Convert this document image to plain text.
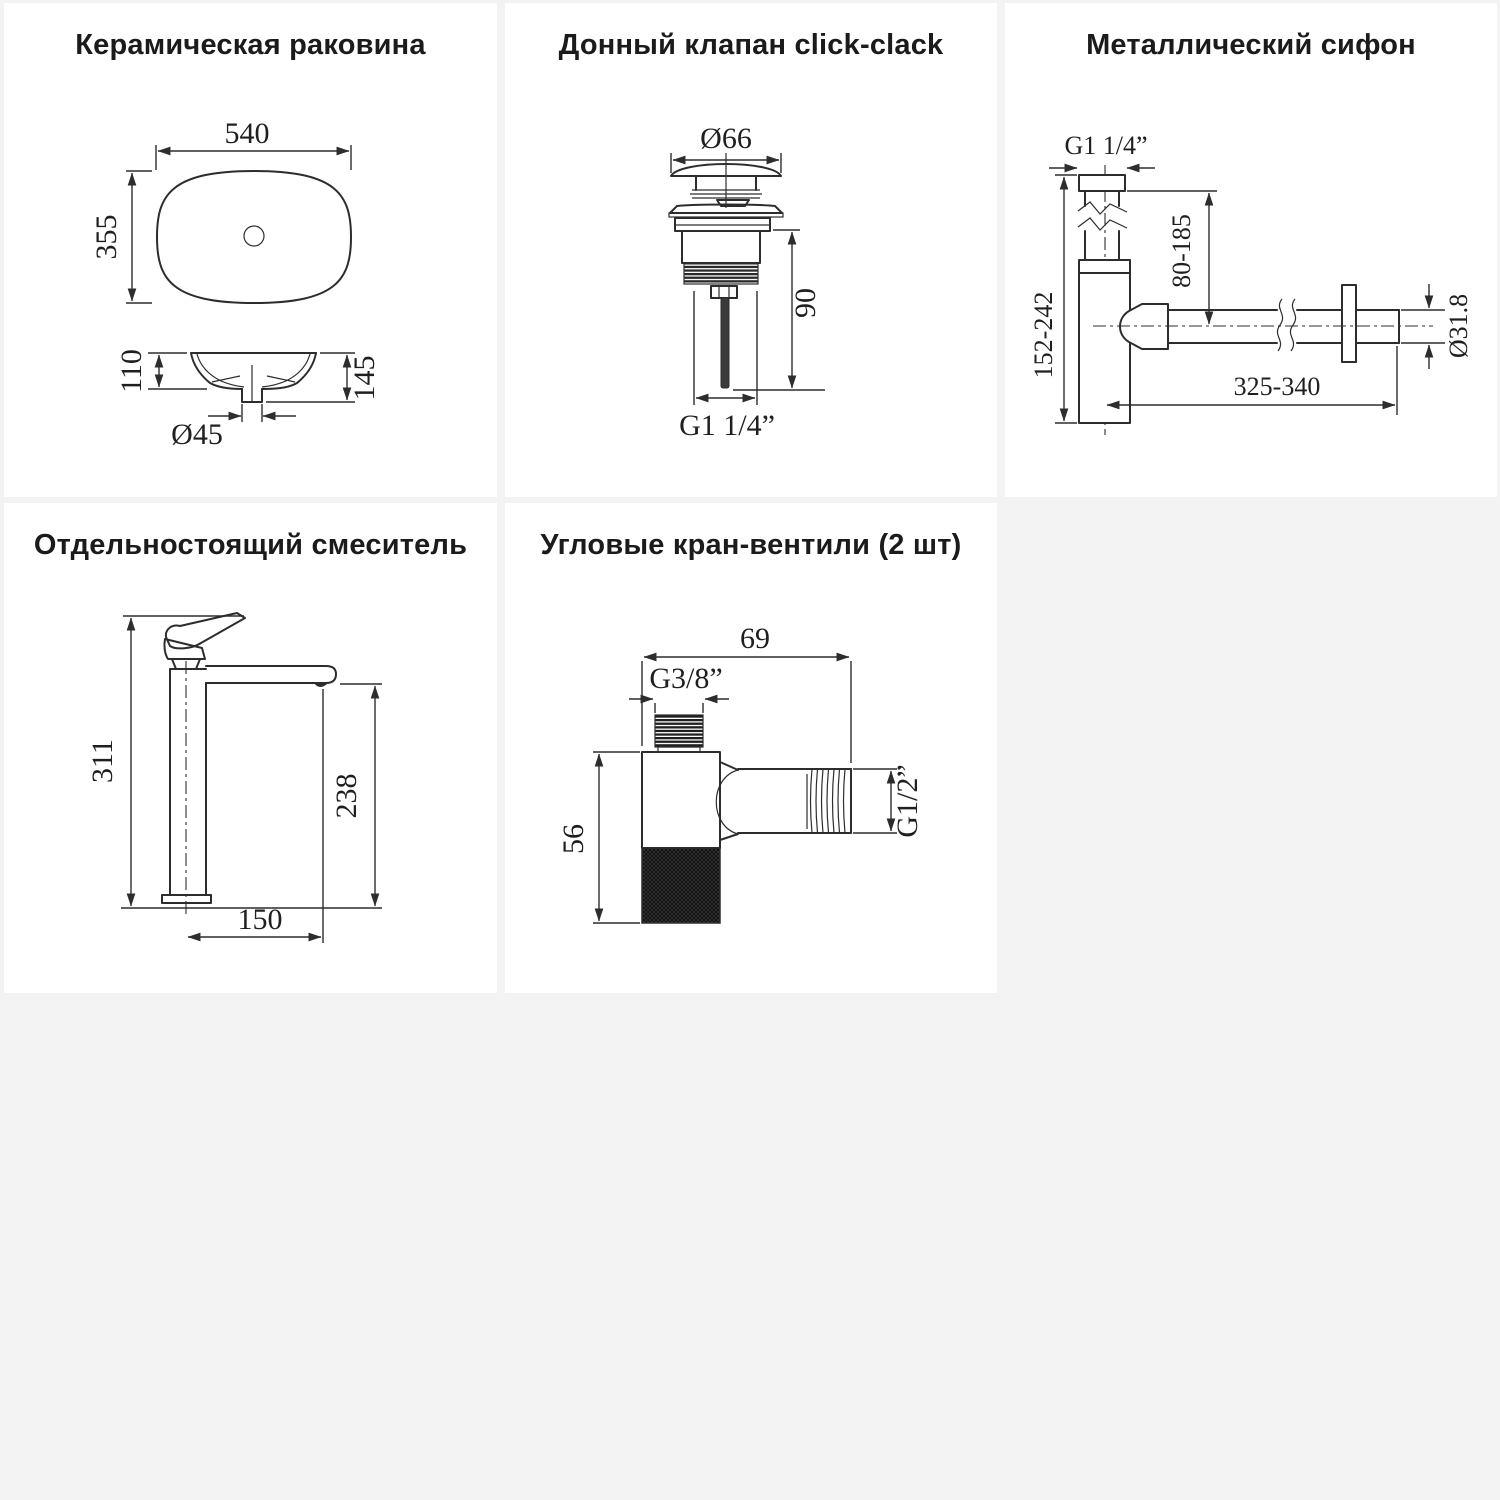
Керамическая раковина
540
355
110	145
Ø45
Донный клапан click-clack
Ø66
90
G1 1/4”
Металлический сифон
G1 1/4”
80-185
152-242	Ø31.8
325-340
Отдельностоящий смеситель
311
238
150
Угловые кран-вентили (2 шт)
69
G3/8”
G1/2”
56
